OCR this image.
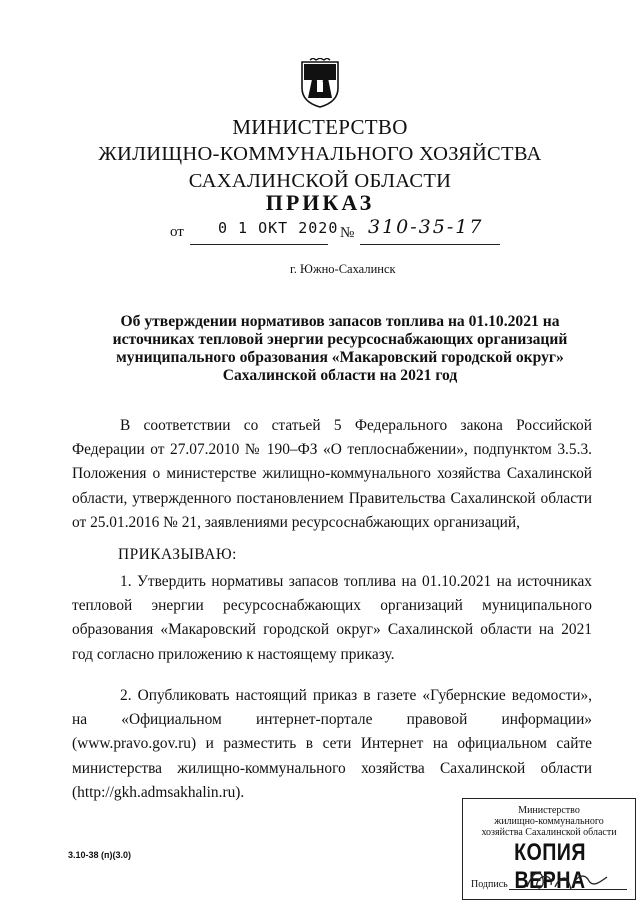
МИНИСТЕРСТВО
ЖИЛИЩНО-КОММУНАЛЬНОГО ХОЗЯЙСТВА
САХАЛИНСКОЙ ОБЛАСТИ
ПРИКАЗ
от 0 1 ОКТ 2020 № 310-35-17
г. Южно-Сахалинск
Об утверждении нормативов запасов топлива на 01.10.2021 на источниках тепловой энергии ресурсоснабжающих организаций муниципального образования «Макаровский городской округ» Сахалинской области на 2021 год
В соответствии со статьей 5 Федерального закона Российской Федерации от 27.07.2010 № 190–ФЗ «О теплоснабжении», подпунктом 3.5.3. Положения о министерстве жилищно-коммунального хозяйства Сахалинской области, утвержденного постановлением Правительства Сахалинской области от 25.01.2016 № 21, заявлениями ресурсоснабжающих организаций,
ПРИКАЗЫВАЮ:
1. Утвердить нормативы запасов топлива на 01.10.2021 на источниках тепловой энергии ресурсоснабжающих организаций муниципального образования «Макаровский городской округ» Сахалинской области на 2021 год согласно приложению к настоящему приказу.
2. Опубликовать настоящий приказ в газете «Губернские ведомости», на «Официальном интернет-портале правовой информации» (www.pravo.gov.ru) и разместить в сети Интернет на официальном сайте министерства жилищно-коммунального хозяйства Сахалинской области (http://gkh.admsakhalin.ru).
3.10-38 (п)(3.0)
Министерство
жилищно-коммунального
хозяйства Сахалинской области
КОПИЯ ВЕРНА
Подпись
